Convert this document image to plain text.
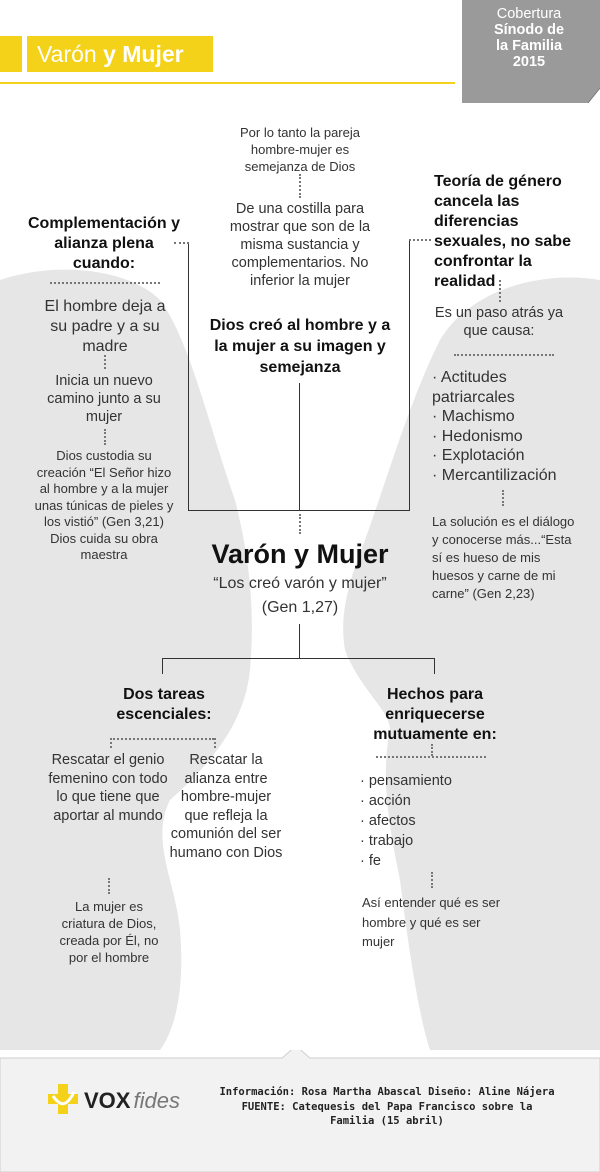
Varón y Mujer
Cobertura
Sínodo de
la Familia
2015
Por lo tanto la pareja hombre-mujer es semejanza de Dios
De una costilla para mostrar que son de la misma sustancia y complementarios. No inferior la mujer
Dios creó al hombre y a la mujer a su imagen y semejanza
Complementación y alianza plena cuando:
El hombre deja a su padre y a su madre
Inicia un nuevo camino junto a su mujer
Dios custodia su creación “El Señor hizo al hombre y a la mujer unas túnicas de pieles y los vistió” (Gen 3,21) Dios cuida su obra maestra
Teoría de género cancela las diferencias sexuales, no sabe confrontar la realidad
Es un paso atrás ya que causa:
· Actitudes patriarcales
· Machismo
· Hedonismo
· Explotación
· Mercantilización
La solución es el diálogo y conocerse más...“Esta sí es hueso de mis huesos y carne de mi carne” (Gen 2,23)
Varón y Mujer
“Los creó varón y mujer”
(Gen 1,27)
Dos tareas escenciales:
Rescatar el genio femenino con todo lo que tiene que aportar al mundo
Rescatar la alianza entre hombre-mujer que refleja la comunión del ser humano con Dios
La mujer es criatura de Dios, creada por Él, no por el hombre
Hechos para enriquecerse mutuamente en:
· pensamiento
· acción
· afectos
· trabajo
· fe
Así entender qué es ser hombre y qué es ser mujer
VOX fides	Información: Rosa Martha Abascal Diseño: Aline Nájera
FUENTE: Catequesis del Papa Francisco sobre la Familia (15 abril)
